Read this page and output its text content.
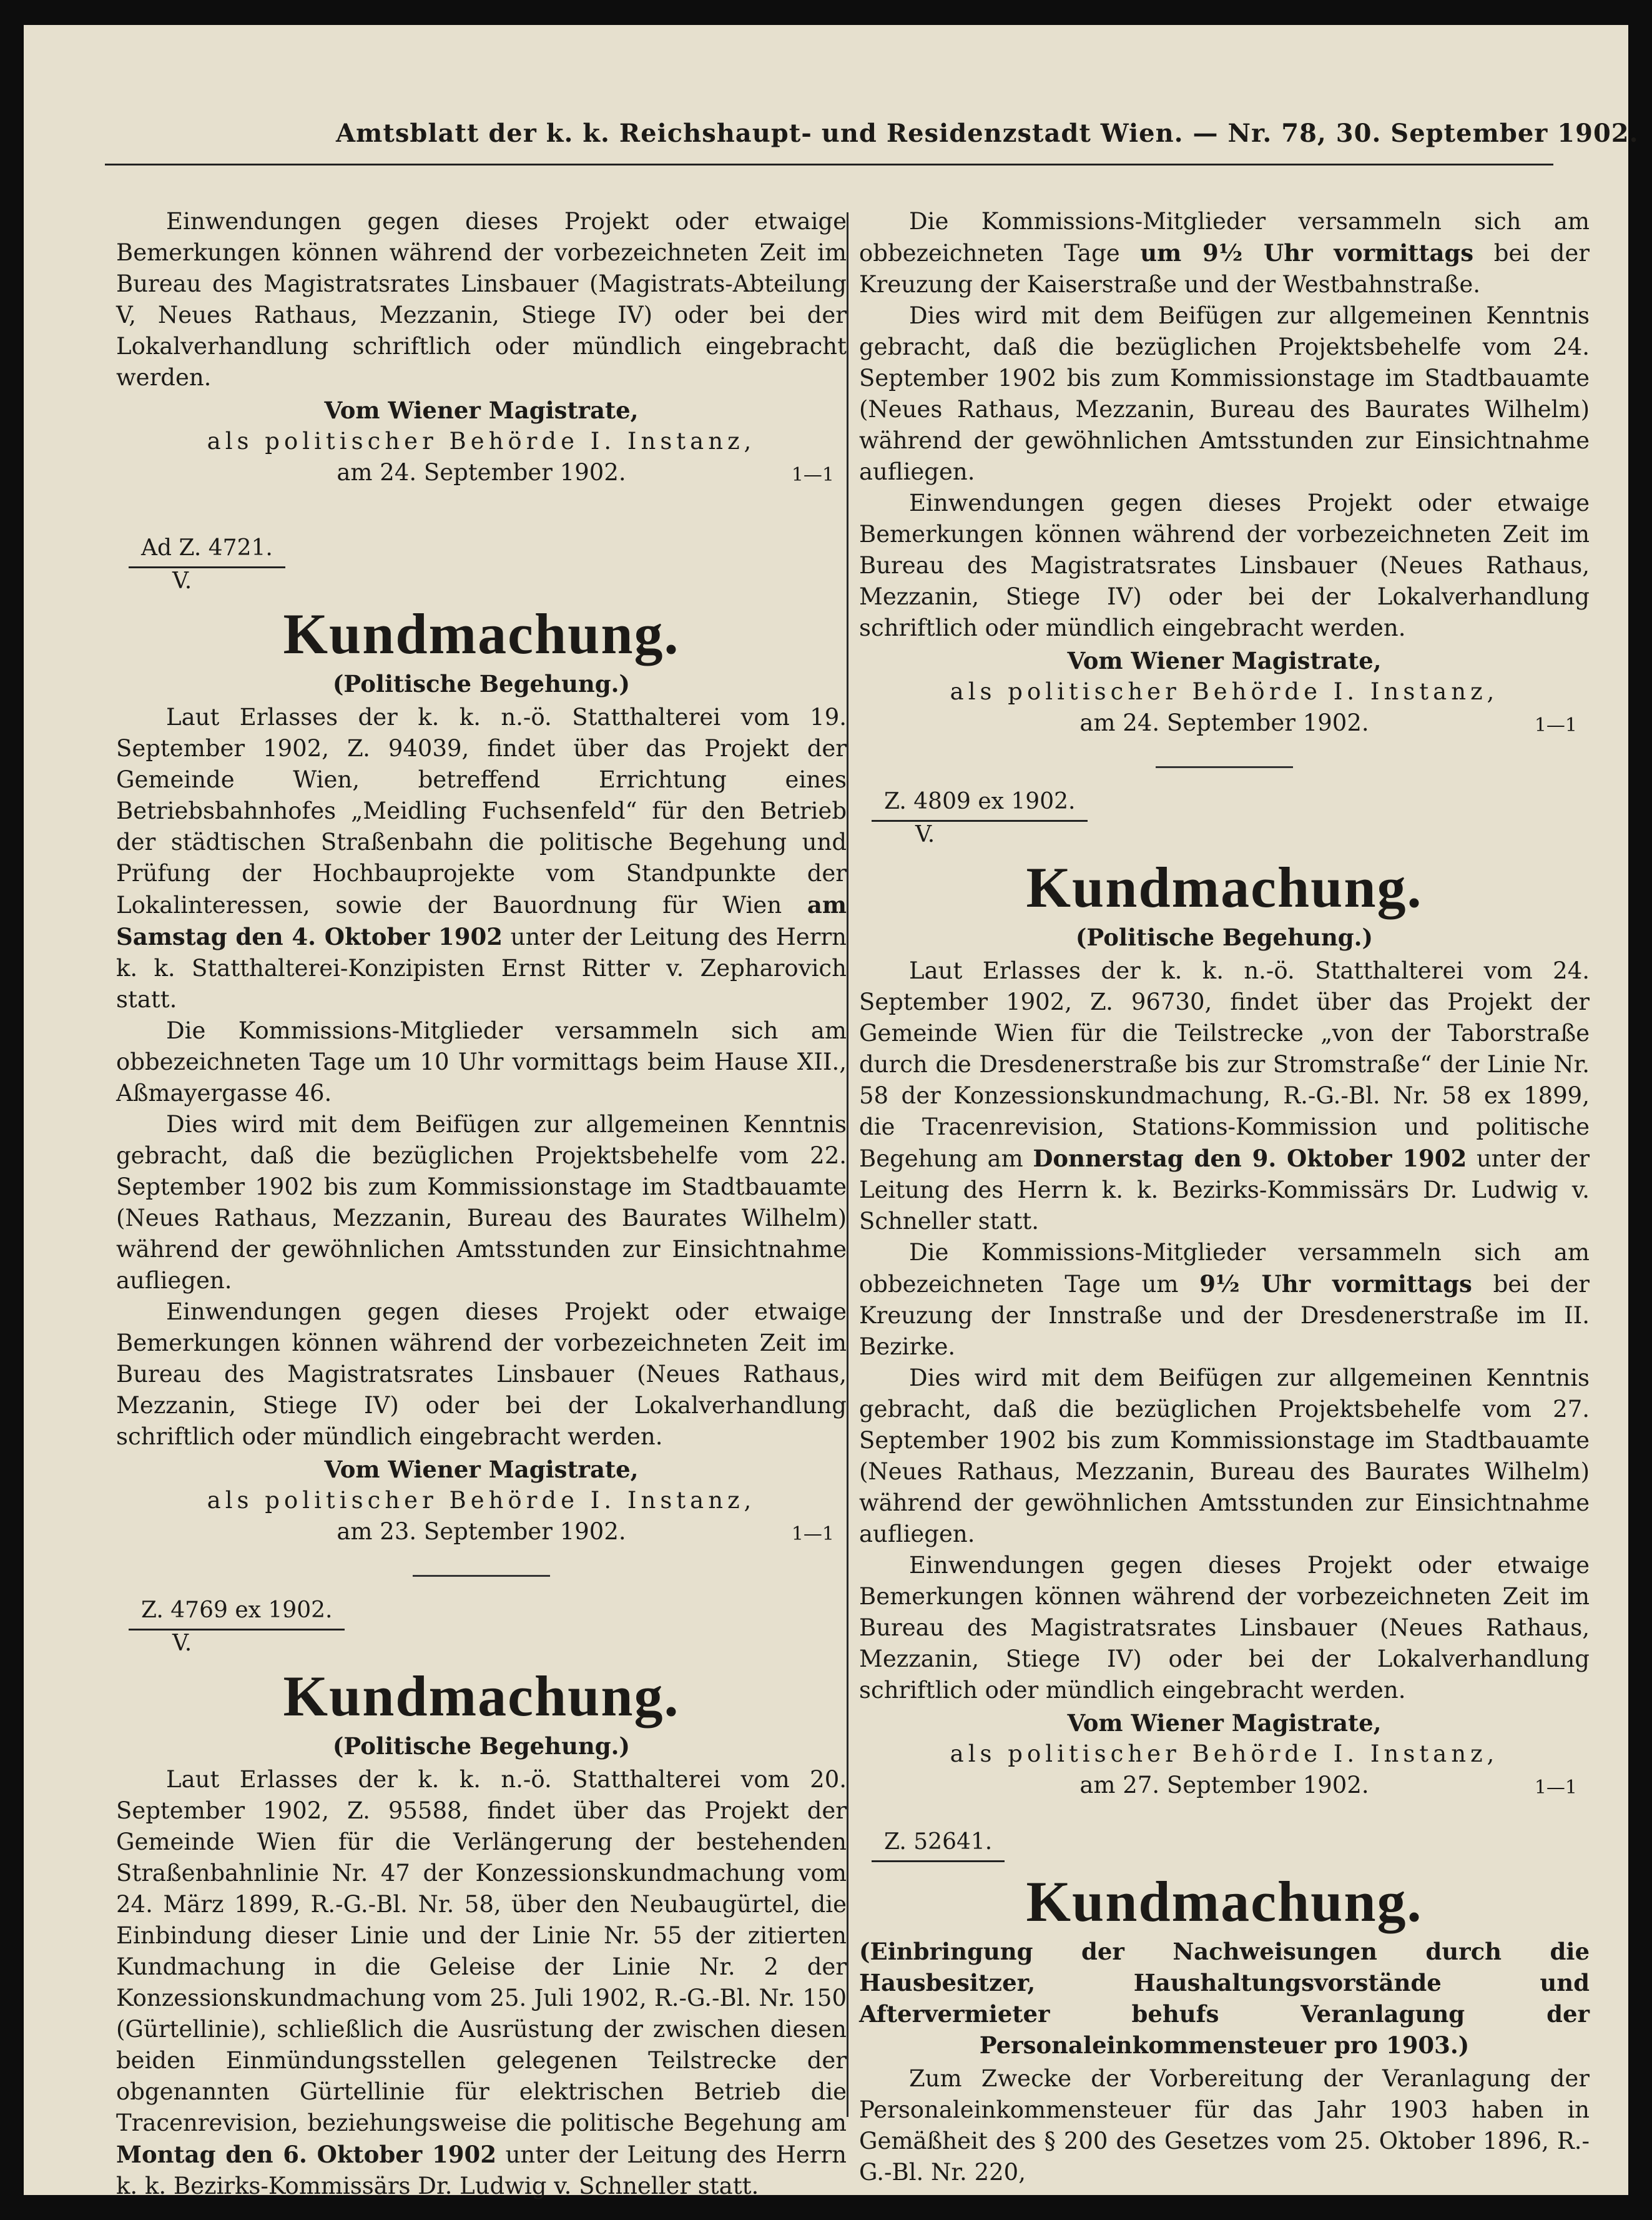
Amtsblatt der k. k. Reichshaupt- und Residenzstadt Wien. — Nr. 78, 30. September 1902.

Einwendungen gegen dieses Projekt oder etwaige Bemerkungen können während der vorbezeichneten Zeit im Bureau des Magistratsrates Linsbauer (Magistrats-Abteilung V, Neues Rathaus, Mezzanin, Stiege IV) oder bei der Lokalverhandlung schriftlich oder mündlich eingebracht werden.

Vom Wiener Magistrate,
als politischer Behörde I. Instanz,
am 24. September 1902.	1—1
Ad Z. 4721.
V.
Kundmachung.
(Politische Begehung.)

Laut Erlasses der k. k. n.-ö. Statthalterei vom 19. September 1902, Z. 94039, findet über das Projekt der Gemeinde Wien, betreffend Errichtung eines Betriebsbahnhofes „Meidling Fuchsenfeld“ für den Betrieb der städtischen Straßenbahn die politische Begehung und Prüfung der Hochbauprojekte vom Standpunkte der Lokalinteressen, sowie der Bauordnung für Wien am Samstag den 4. Oktober 1902 unter der Leitung des Herrn k. k. Statthalterei-Konzipisten Ernst Ritter v. Zepharovich statt.

Die Kommissions-Mitglieder versammeln sich am obbezeichneten Tage um 10 Uhr vormittags beim Hause XII., Aßmayergasse 46.

Dies wird mit dem Beifügen zur allgemeinen Kenntnis gebracht, daß die bezüglichen Projektsbehelfe vom 22. September 1902 bis zum Kommissionstage im Stadtbauamte (Neues Rathaus, Mezzanin, Bureau des Baurates Wilhelm) während der gewöhnlichen Amtsstunden zur Einsichtnahme aufliegen.

Einwendungen gegen dieses Projekt oder etwaige Bemerkungen können während der vorbezeichneten Zeit im Bureau des Magistratsrates Linsbauer (Neues Rathaus, Mezzanin, Stiege IV) oder bei der Lokalverhandlung schriftlich oder mündlich eingebracht werden.

Vom Wiener Magistrate,
als politischer Behörde I. Instanz,
am 23. September 1902.	1—1
Z. 4769 ex 1902.
V.
Kundmachung.
(Politische Begehung.)

Laut Erlasses der k. k. n.-ö. Statthalterei vom 20. September 1902, Z. 95588, findet über das Projekt der Gemeinde Wien für die Verlängerung der bestehenden Straßenbahnlinie Nr. 47 der Konzessionskundmachung vom 24. März 1899, R.-G.-Bl. Nr. 58, über den Neubaugürtel, die Einbindung dieser Linie und der Linie Nr. 55 der zitierten Kundmachung in die Geleise der Linie Nr. 2 der Konzessionskundmachung vom 25. Juli 1902, R.-G.-Bl. Nr. 150 (Gürtellinie), schließlich die Ausrüstung der zwischen diesen beiden Einmündungsstellen gelegenen Teilstrecke der obgenannten Gürtellinie für elektrischen Betrieb die Tracenrevision, beziehungsweise die politische Begehung am Montag den 6. Oktober 1902 unter der Leitung des Herrn k. k. Bezirks-Kommissärs Dr. Ludwig v. Schneller statt.

Die Kommissions-Mitglieder versammeln sich am obbezeichneten Tage um 9½ Uhr vormittags bei der Kreuzung der Kaiserstraße und der Westbahnstraße.

Dies wird mit dem Beifügen zur allgemeinen Kenntnis gebracht, daß die bezüglichen Projektsbehelfe vom 24. September 1902 bis zum Kommissionstage im Stadtbauamte (Neues Rathaus, Mezzanin, Bureau des Baurates Wilhelm) während der gewöhnlichen Amtsstunden zur Einsichtnahme aufliegen.

Einwendungen gegen dieses Projekt oder etwaige Bemerkungen können während der vorbezeichneten Zeit im Bureau des Magistratsrates Linsbauer (Neues Rathaus, Mezzanin, Stiege IV) oder bei der Lokalverhandlung schriftlich oder mündlich eingebracht werden.

Vom Wiener Magistrate,
als politischer Behörde I. Instanz,
am 24. September 1902.	1—1
Z. 4809 ex 1902.
V.
Kundmachung.
(Politische Begehung.)

Laut Erlasses der k. k. n.-ö. Statthalterei vom 24. September 1902, Z. 96730, findet über das Projekt der Gemeinde Wien für die Teilstrecke „von der Taborstraße durch die Dresdenerstraße bis zur Stromstraße“ der Linie Nr. 58 der Konzessionskundmachung, R.-G.-Bl. Nr. 58 ex 1899, die Tracenrevision, Stations-Kommission und politische Begehung am Donnerstag den 9. Oktober 1902 unter der Leitung des Herrn k. k. Bezirks-Kommissärs Dr. Ludwig v. Schneller statt.

Die Kommissions-Mitglieder versammeln sich am obbezeichneten Tage um 9½ Uhr vormittags bei der Kreuzung der Innstraße und der Dresdenerstraße im II. Bezirke.

Dies wird mit dem Beifügen zur allgemeinen Kenntnis gebracht, daß die bezüglichen Projektsbehelfe vom 27. September 1902 bis zum Kommissionstage im Stadtbauamte (Neues Rathaus, Mezzanin, Bureau des Baurates Wilhelm) während der gewöhnlichen Amtsstunden zur Einsichtnahme aufliegen.

Einwendungen gegen dieses Projekt oder etwaige Bemerkungen können während der vorbezeichneten Zeit im Bureau des Magistratsrates Linsbauer (Neues Rathaus, Mezzanin, Stiege IV) oder bei der Lokalverhandlung schriftlich oder mündlich eingebracht werden.

Vom Wiener Magistrate,
als politischer Behörde I. Instanz,
am 27. September 1902.	1—1
Z. 52641.
Kundmachung.
(Einbringung der Nachweisungen durch die Hausbesitzer, Haushaltungsvorstände und Aftervermieter behufs Veranlagung der Personaleinkommensteuer pro 1903.)

Zum Zwecke der Vorbereitung der Veranlagung der Personaleinkommensteuer für das Jahr 1903 haben in Gemäßheit des § 200 des Gesetzes vom 25. Oktober 1896, R.-G.-Bl. Nr. 220,
